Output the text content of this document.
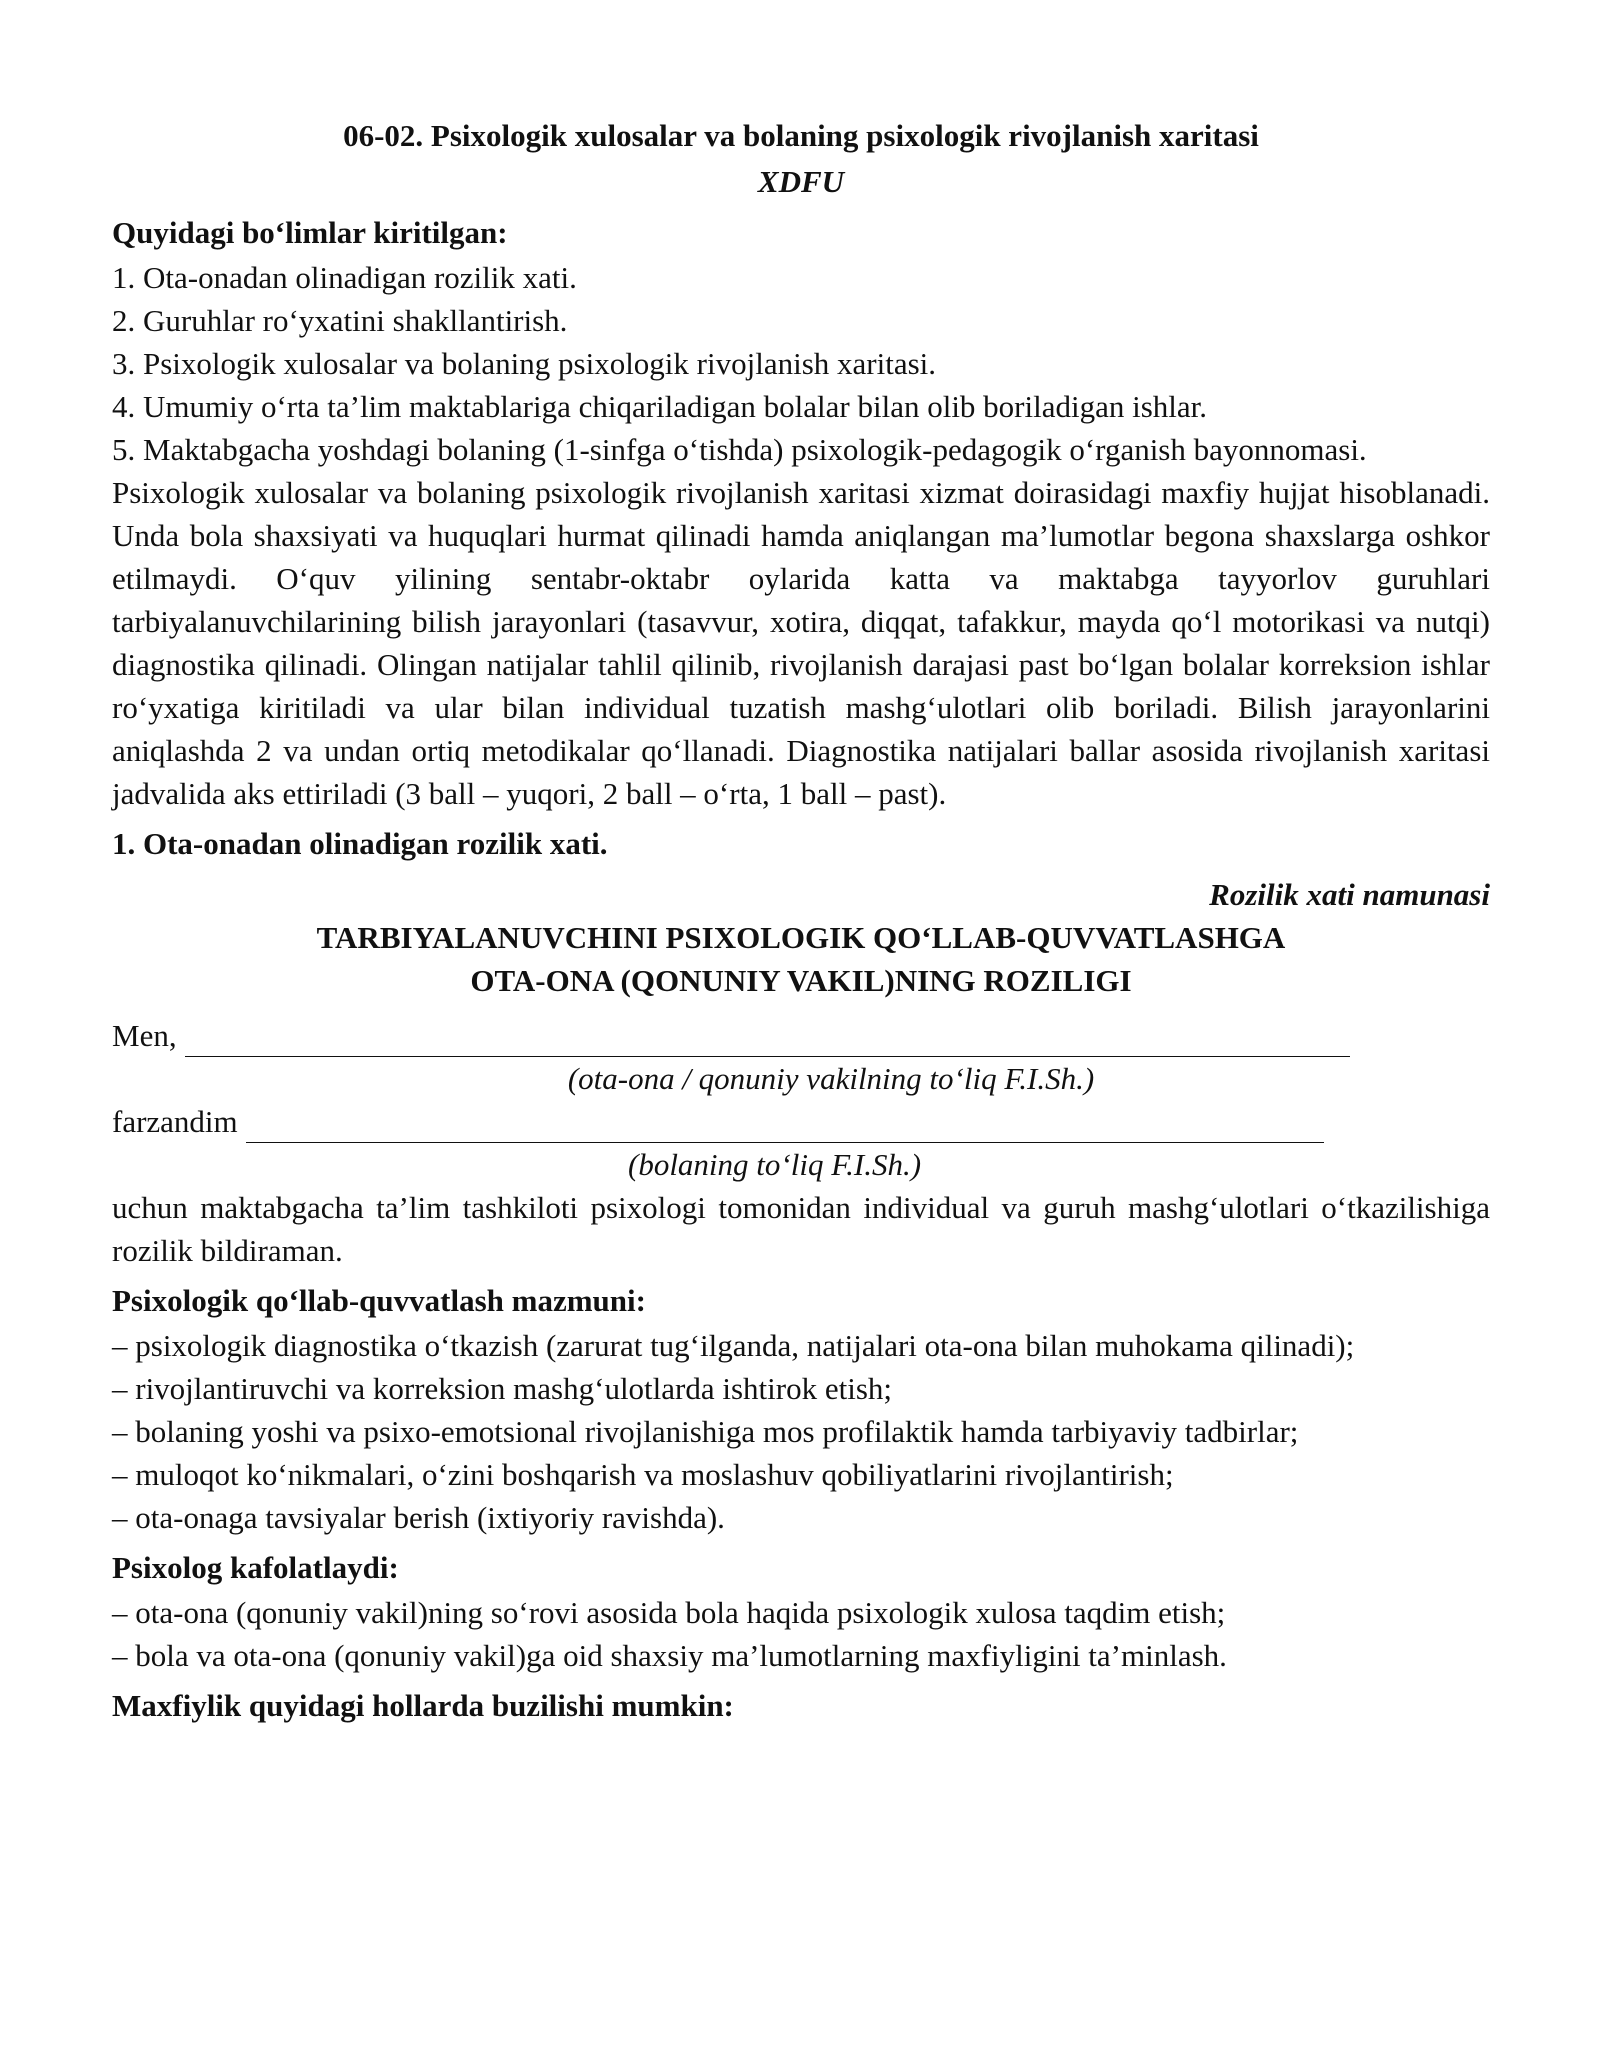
06-02. Psixologik xulosalar va bolaning psixologik rivojlanish xaritasi
XDFU
Quyidagi bo‘limlar kiritilgan:
1. Ota-onadan olinadigan rozilik xati.
2. Guruhlar ro‘yxatini shakllantirish.
3. Psixologik xulosalar va bolaning psixologik rivojlanish xaritasi.
4. Umumiy o‘rta ta’lim maktablariga chiqariladigan bolalar bilan olib boriladigan ishlar.
5. Maktabgacha yoshdagi bolaning (1-sinfga o‘tishda) psixologik-pedagogik o‘rganish bayonnomasi.
Psixologik xulosalar va bolaning psixologik rivojlanish xaritasi xizmat doirasidagi maxfiy hujjat hisoblanadi. Unda bola shaxsiyati va huquqlari hurmat qilinadi hamda aniqlangan ma’lumotlar begona shaxslarga oshkor etilmaydi. O‘quv yilining sentabr-oktabr oylarida katta va maktabga tayyorlov guruhlari tarbiyalanuvchilarining bilish jarayonlari (tasavvur, xotira, diqqat, tafakkur, mayda qo‘l motorikasi va nutqi) diagnostika qilinadi. Olingan natijalar tahlil qilinib, rivojlanish darajasi past bo‘lgan bolalar korreksion ishlar ro‘yxatiga kiritiladi va ular bilan individual tuzatish mashg‘ulotlari olib boriladi. Bilish jarayonlarini aniqlashda 2 va undan ortiq metodikalar qo‘llanadi. Diagnostika natijalari ballar asosida rivojlanish xaritasi jadvalida aks ettiriladi (3 ball – yuqori, 2 ball – o‘rta, 1 ball – past).
1. Ota-onadan olinadigan rozilik xati.
Rozilik xati namunasi
TARBIYALANUVCHINI PSIXOLOGIK QO‘LLAB-QUVVATLASHGA
OTA-ONA (QONUNIY VAKIL)NING ROZILIGI
Men,
(ota-ona / qonuniy vakilning to‘liq F.I.Sh.)
farzandim
(bolaning to‘liq F.I.Sh.)
uchun maktabgacha ta’lim tashkiloti psixologi tomonidan individual va guruh mashg‘ulotlari o‘tkazilishiga rozilik bildiraman.
Psixologik qo‘llab-quvvatlash mazmuni:
– psixologik diagnostika o‘tkazish (zarurat tug‘ilganda, natijalari ota-ona bilan muhokama qilinadi);
– rivojlantiruvchi va korreksion mashg‘ulotlarda ishtirok etish;
– bolaning yoshi va psixo-emotsional rivojlanishiga mos profilaktik hamda tarbiyaviy tadbirlar;
– muloqot ko‘nikmalari, o‘zini boshqarish va moslashuv qobiliyatlarini rivojlantirish;
– ota-onaga tavsiyalar berish (ixtiyoriy ravishda).
Psixolog kafolatlaydi:
– ota-ona (qonuniy vakil)ning so‘rovi asosida bola haqida psixologik xulosa taqdim etish;
– bola va ota-ona (qonuniy vakil)ga oid shaxsiy ma’lumotlarning maxfiyligini ta’minlash.
Maxfiylik quyidagi hollarda buzilishi mumkin:
